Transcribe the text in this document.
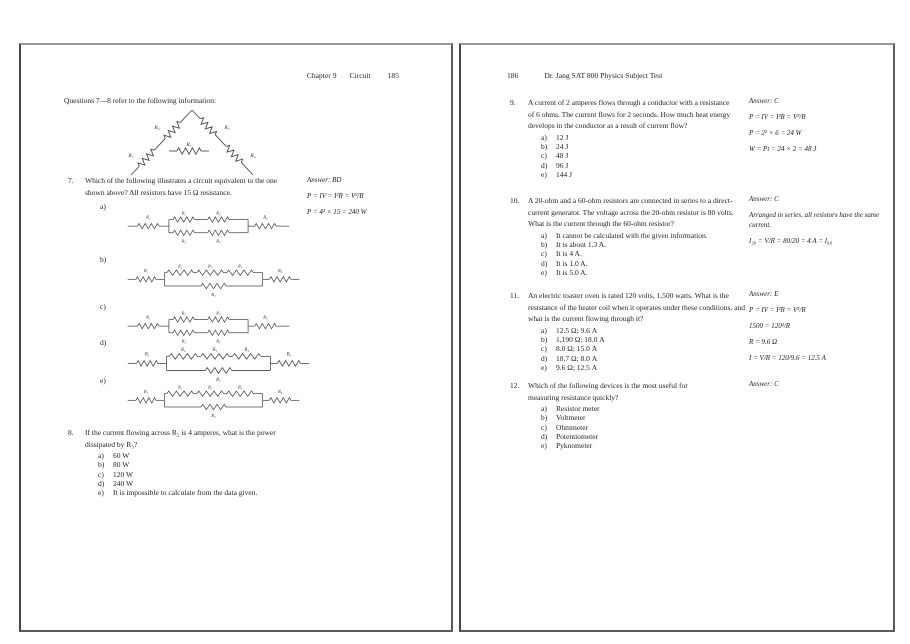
Chapter 9 Circuit 185
Questions 7—8 refer to the following information:
R₁
R₂	R₃
R₄
R₅
7. Which of the following illustrates a circuit equivalent to the one shown above? All resistors have 15 Ω resistance.
a)
R₁
R₂	R₃
R₄	R₅
R₆
b)
R₁
R₂	R₃	R₄
R₅
R₆
c)
R₁
R₂	R₃
R₄	R₅
R₆
d)
R₁
R₂	R₃	R₄
R₅
R₆
e)
R₁
R₂	R₃	R₄
R₅
R₆
Answer: BD
P = IV = I²R = V²/R
P = 4² × 15 = 240 W
8. If the current flowing across R₂ is 4 amperes, what is the power dissipated by R₃?
a)	60 W
b)	80 W
c)	120 W
d)	240 W
e)	It is impossible to calculate from the data given.
186	Dr. Jang SAT 800 Physics Subject Test
9. A current of 2 amperes flows through a conductor with a resistance of 6 ohms. The current flows for 2 seconds. How much heat energy develops in the conductor as a result of current flow?
a)	12 J
b)	24 J
c)	48 J
d)	96 J
e)	144 J
Answer: C
P = IV = I²R = V²/R
P = 2² × 6 = 24 W
W = Pt = 24 × 2 = 48 J
10. A 20-ohm and a 60-ohm resistors are connected in series to a direct-current generator. The voltage across the 20-ohm resistor is 80 volts. What is the current through the 60-ohm resistor?
a)	It cannot be calculated with the given information.
b)	It is about 1.3 A.
c)	It is 4 A.
d)	It is 1.0 A.
e)	It is 5.0 A.
Answer: C
Arranged in series, all resistors have the same current.
I₂₀ = V/R = 80/20 = 4 A = I₆₀
11. An electric toaster oven is rated 120 volts, 1,500 watts. What is the resistance of the heater coil when it operates under these conditions, and what is the current flowing through it?
a)	12.5 Ω; 9.6 A
b)	1,190 Ω; 18.0 A
c)	8.0 Ω; 15.0 A
d)	18.7 Ω; 8.0 A
e)	9.6 Ω; 12.5 A
Answer: E
P = IV = I²R = V²/R
1500 = 120²/R
R = 9.6 Ω
I = V/R = 120/9.6 = 12.5 A
12. Which of the following devices is the most useful for measuring resistance quickly?
a)	Resistor meter
b)	Voltmeter
c)	Ohmmeter
d)	Potentiometer
e)	Pyknometer
Answer: C
